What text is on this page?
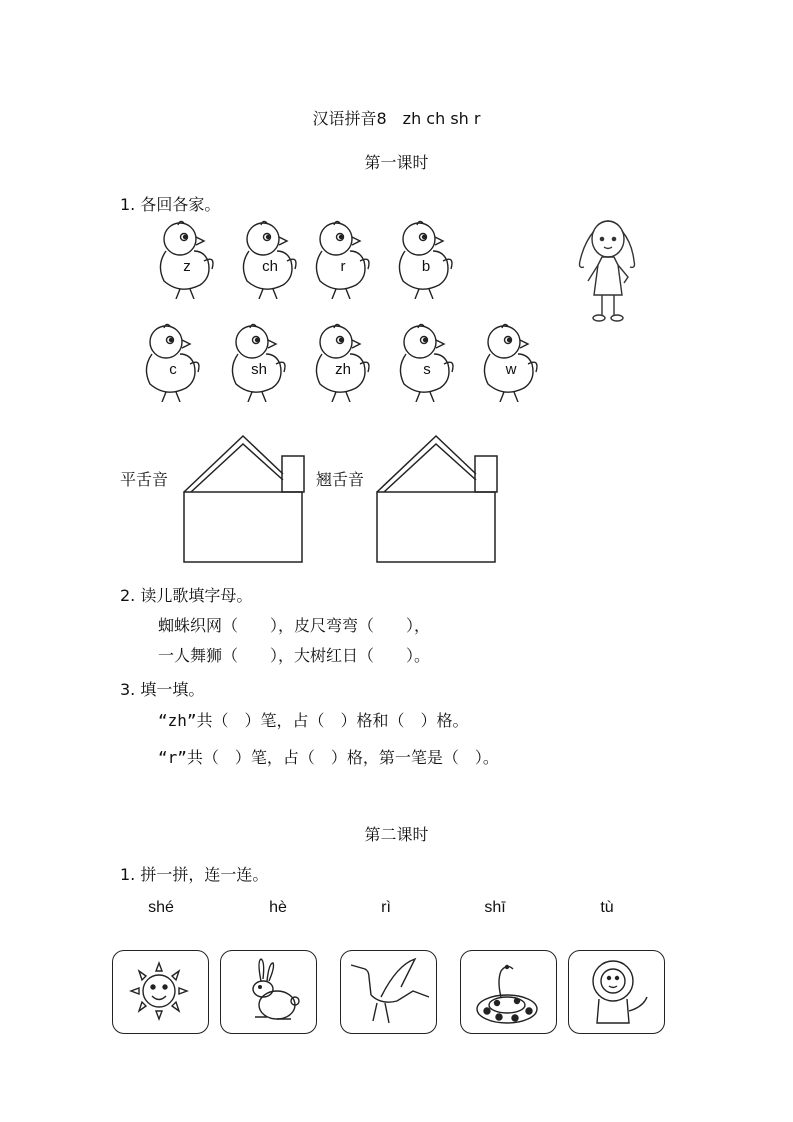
汉语拼音8　zh ch sh r
第一课时
1. 各回各家。
z	ch	r	b
c	sh	zh	s	w
平舌音	翘舌音
2. 读儿歌填字母。
蜘蛛织网（　　），皮尺弯弯（　　），
一人舞狮（　　），大树红日（　　）。
3. 填一填。
“zh”共（　）笔，占（　）格和（　）格。
“r”共（　）笔，占（　）格，第一笔是（　）。
第二课时
1. 拼一拼，连一连。
shé	hè	rì	shī	tù
